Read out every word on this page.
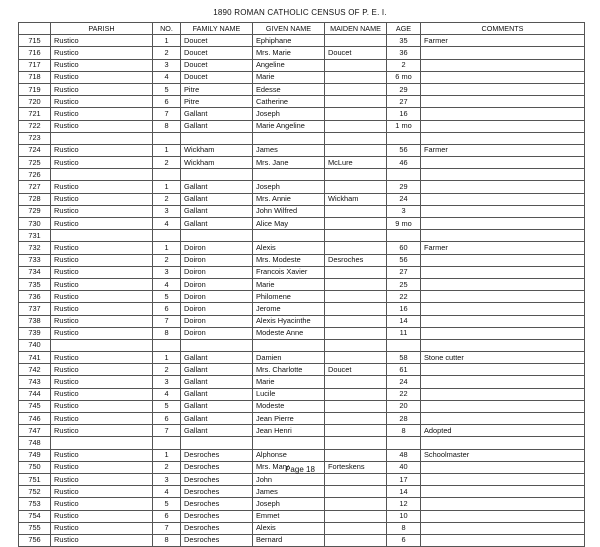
1890 ROMAN CATHOLIC CENSUS OF P. E. I.
	PARISH	NO.	FAMILY NAME	GIVEN NAME	MAIDEN NAME	AGE	COMMENTS
715	Rustico	1	Doucet	Ephiphane		35	Farmer
716	Rustico	2	Doucet	Mrs. Marie	Doucet	36	
717	Rustico	3	Doucet	Angeline		2	
718	Rustico	4	Doucet	Marie		6 mo	
719	Rustico	5	Pitre	Edesse		29	
720	Rustico	6	Pitre	Catherine		27	
721	Rustico	7	Gallant	Joseph		16	
722	Rustico	8	Gallant	Marie Angeline		1 mo	
723							
724	Rustico	1	Wickham	James		56	Farmer
725	Rustico	2	Wickham	Mrs. Jane	McLure	46	
726							
727	Rustico	1	Gallant	Joseph		29	
728	Rustico	2	Gallant	Mrs. Annie	Wickham	24	
729	Rustico	3	Gallant	John Wilfred		3	
730	Rustico	4	Gallant	Alice May		9 mo	
731							
732	Rustico	1	Doiron	Alexis		60	Farmer
733	Rustico	2	Doiron	Mrs. Modeste	Desroches	56	
734	Rustico	3	Doiron	Francois Xavier		27	
735	Rustico	4	Doiron	Marie		25	
736	Rustico	5	Doiron	Philomene		22	
737	Rustico	6	Doiron	Jerome		16	
738	Rustico	7	Doiron	Alexis Hyacinthe		14	
739	Rustico	8	Doiron	Modeste Anne		11	
740							
741	Rustico	1	Gallant	Damien		58	Stone cutter
742	Rustico	2	Gallant	Mrs. Charlotte	Doucet	61	
743	Rustico	3	Gallant	Marie		24	
744	Rustico	4	Gallant	Lucile		22	
745	Rustico	5	Gallant	Modeste		20	
746	Rustico	6	Gallant	Jean Pierre		28	
747	Rustico	7	Gallant	Jean Henri		8	Adopted
748							
749	Rustico	1	Desroches	Alphonse		48	Schoolmaster
750	Rustico	2	Desroches	Mrs. Mary	Forteskens	40	
751	Rustico	3	Desroches	John		17	
752	Rustico	4	Desroches	James		14	
753	Rustico	5	Desroches	Joseph		12	
754	Rustico	6	Desroches	Emmet		10	
755	Rustico	7	Desroches	Alexis		8	
756	Rustico	8	Desroches	Bernard		6	
Page 18
